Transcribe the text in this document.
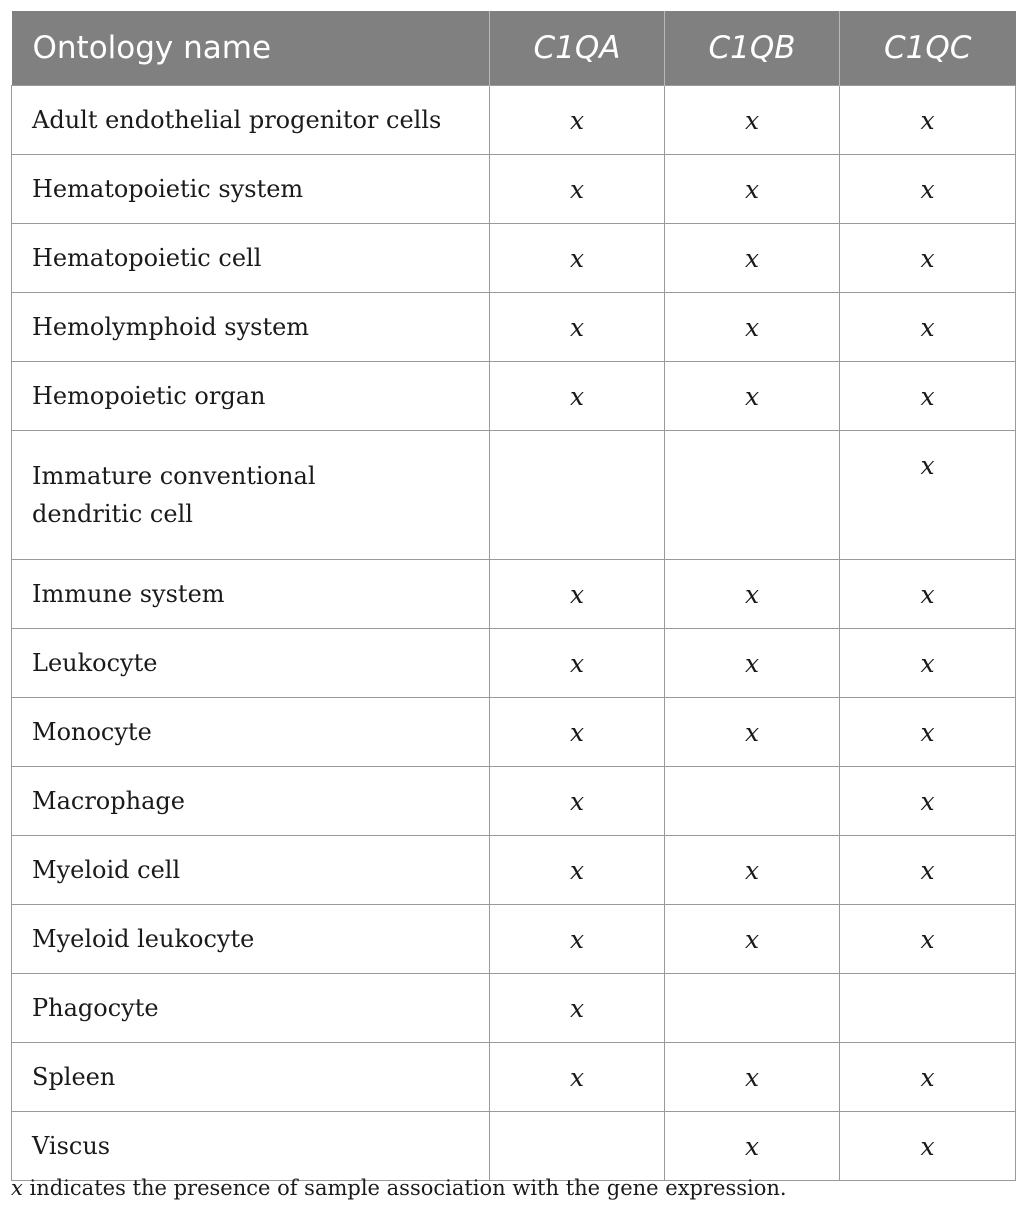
Ontology name	C1QA	C1QB	C1QC
Adult endothelial progenitor cells	x	x	x
Hematopoietic system	x	x	x
Hematopoietic cell	x	x	x
Hemolymphoid system	x	x	x
Hemopoietic organ	x	x	x

Immature conventional dendritic cell			x
Immune system	x	x	x
Leukocyte	x	x	x
Monocyte	x	x	x
Macrophage	x		x
Myeloid cell	x	x	x
Myeloid leukocyte	x	x	x
Phagocyte	x		
Spleen	x	x	x
Viscus		x	x
x indicates the presence of sample association with the gene expression.
